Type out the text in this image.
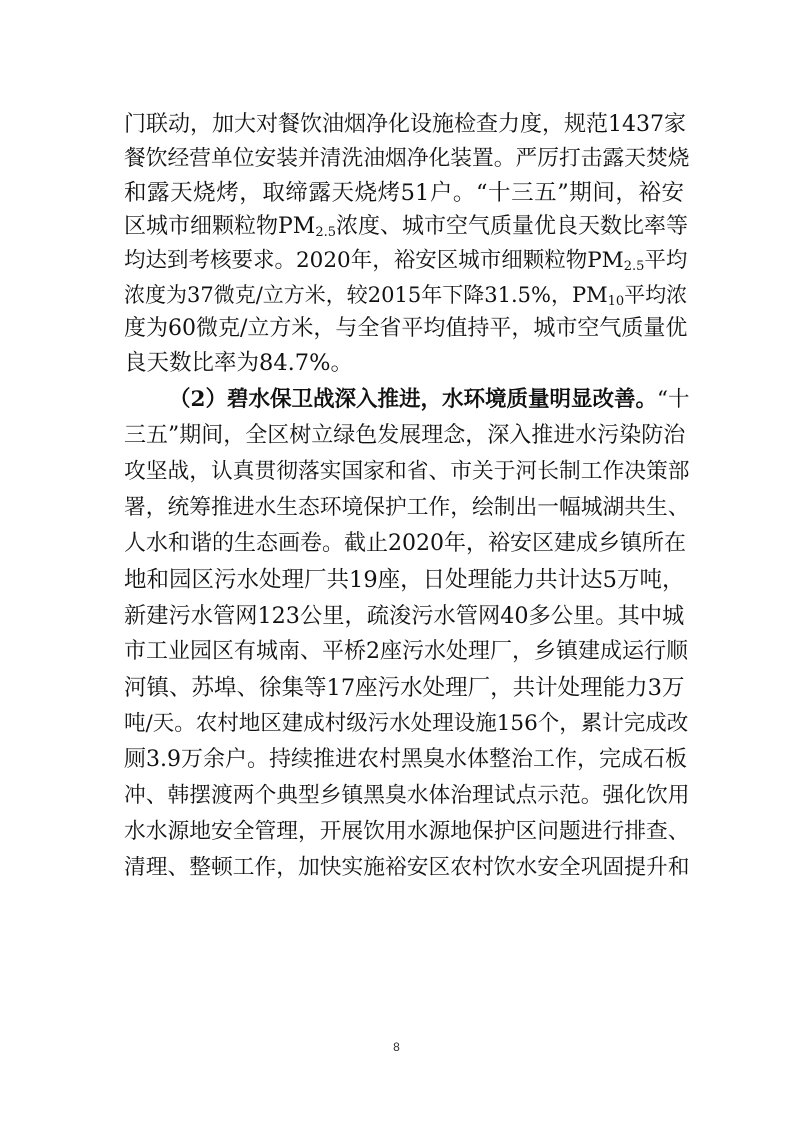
门联动，加大对餐饮油烟净化设施检查力度，规范1437家
餐饮经营单位安装并清洗油烟净化装置。严厉打击露天焚烧
和露天烧烤，取缔露天烧烤51户。“十三五”期间，裕安
区城市细颗粒物$PM_{2.5}$浓度、城市空气质量优良天数比率等
均达到考核要求。2020年，裕安区城市细颗粒物$PM_{2.5}$平均
浓度为37微克/立方米，较2015年下降31.5%，$PM_{10}$平均浓
度为60微克/立方米，与全省平均值持平，城市空气质量优
良天数比率为84.7%。
（2）碧水保卫战深入推进，水环境质量明显改善。“十
三五”期间，全区树立绿色发展理念，深入推进水污染防治
攻坚战，认真贯彻落实国家和省、市关于河长制工作决策部
署，统筹推进水生态环境保护工作，绘制出一幅城湖共生、
人水和谐的生态画卷。截止2020年，裕安区建成乡镇所在
地和园区污水处理厂共19座，日处理能力共计达5万吨，
新建污水管网123公里，疏浚污水管网40多公里。其中城
市工业园区有城南、平桥2座污水处理厂，乡镇建成运行顺
河镇、苏埠、徐集等17座污水处理厂，共计处理能力3万
吨/天。农村地区建成村级污水处理设施156个，累计完成改
厕3.9万余户。持续推进农村黑臭水体整治工作，完成石板
冲、韩摆渡两个典型乡镇黑臭水体治理试点示范。强化饮用
水水源地安全管理，开展饮用水源地保护区问题进行排查、
清理、整顿工作，加快实施裕安区农村饮水安全巩固提升和
8
